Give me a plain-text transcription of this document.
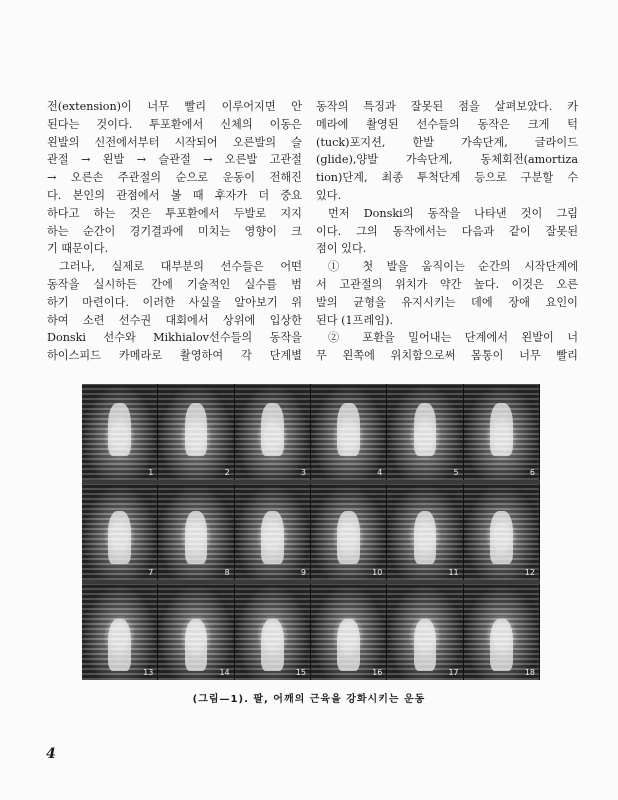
전(extension)이 너무 빨리 이루어지면 안
된다는 것이다. 투포환에서 신체의 이동은
왼발의 신전에서부터 시작되어 오른발의 슬
관절 → 왼발 → 슬관절 → 오른발 고관절
→ 오른손 주관절의 순으로 운동이 전해진
다. 본인의 관점에서 볼 때 후자가 더 중요
하다고 하는 것은 투포환에서 두발로 지지
하는 순간이 경기결과에 미치는 영향이 크
기 때문이다.
그러나, 실제로 대부분의 선수들은 어떤
동작을 실시하든 간에 기술적인 실수를 범
하기 마련이다. 이러한 사실을 알아보기 위
하여 소련 선수권 대회에서 상위에 입상한
Donski 선수와 Mikhialov선수들의 동작을
하이스피드 카메라로 촬영하여 각 단계별
동작의 특징과 잘못된 점을 살펴보았다. 카
메라에 촬영된 선수들의 동작은 크게 턱
(tuck)포지션, 한발 가속단계, 글라이드
(glide),양발 가속단계, 동체회전(amortiza
tion)단계, 최종 투척단계 등으로 구분할 수
있다.
먼저 Donski의 동작을 나타낸 것이 그림
이다. 그의 동작에서는 다음과 같이 잘못된
점이 있다.
① 첫 발을 움직이는 순간의 시작단계에
서 고관절의 위치가 약간 높다. 이것은 오른
발의 균형을 유지시키는 데에 장애 요인이
된다 (1프레임).
② 포환을 밀어내는 단계에서 왼발이 너
무 왼쪽에 위치함으로써 몸통이 너무 빨리
1	2	3	4	5	6
7	8	9	10	11	12
13	14	15	16	17	18
(그림—1). 팔, 어깨의 근육을 강화시키는 운동
4
